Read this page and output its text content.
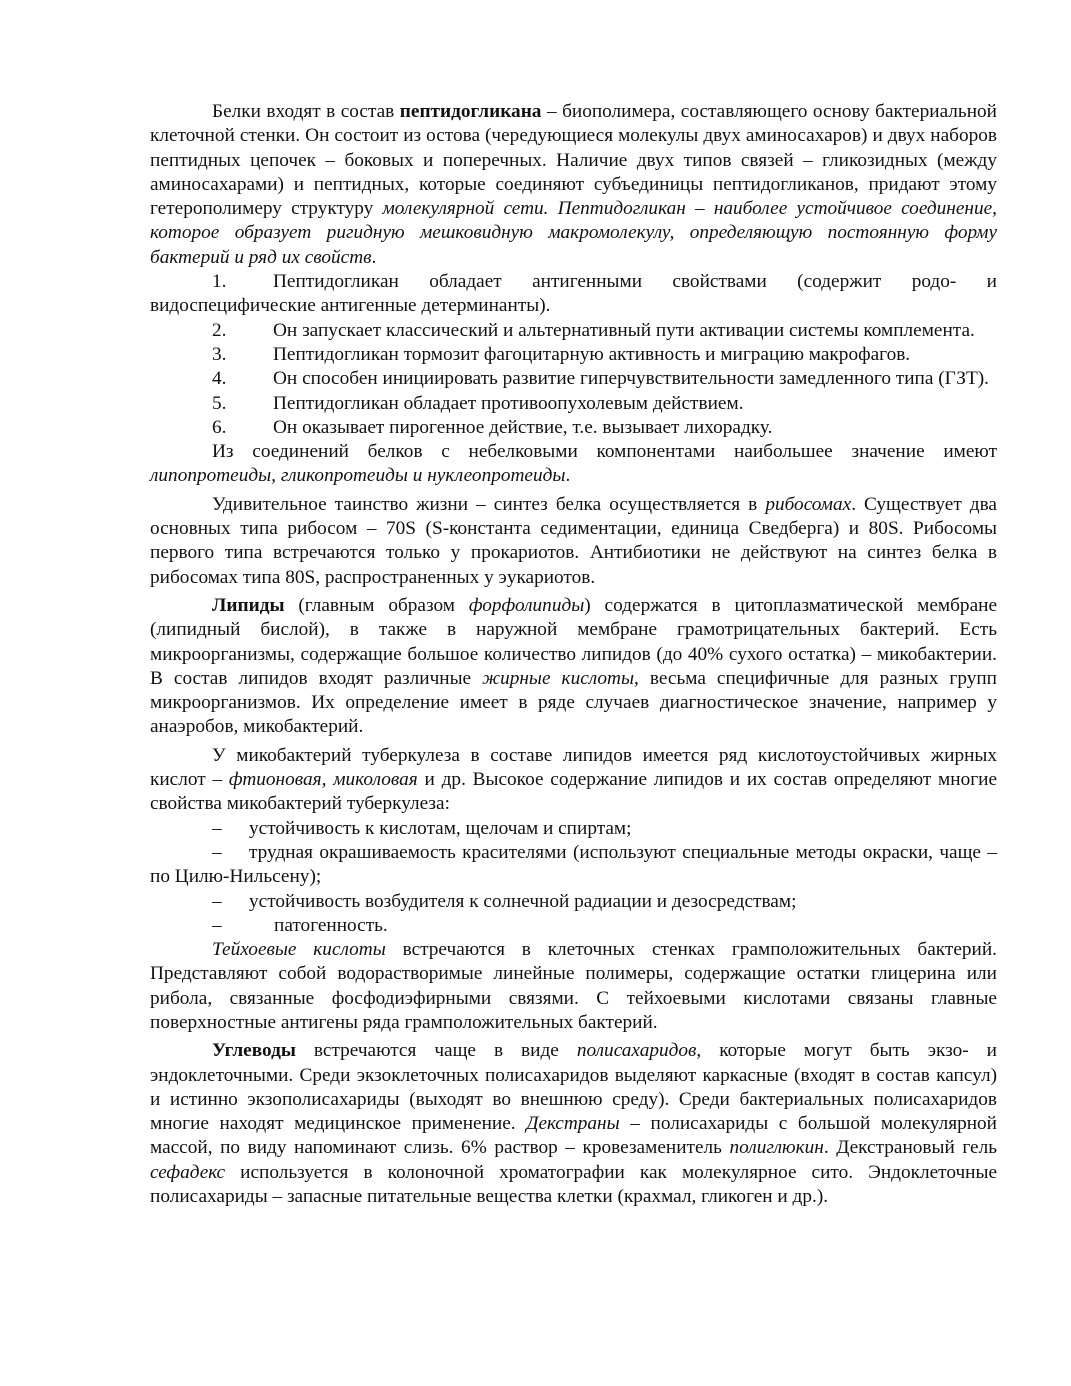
Белки входят в состав пептидогликана – биополимера, составляющего основу бактериальной клеточной стенки. Он состоит из остова (чередующиеся молекулы двух аминосахаров) и двух наборов пептидных цепочек – боковых и поперечных. Наличие двух типов связей – гликозидных (между аминосахарами) и пептидных, которые соединяют субъединицы пептидогликанов, придают этому гетерополимеру структуру молекулярной сети. Пептидогликан – наиболее устойчивое соединение, которое образует ригидную мешковидную макромолекулу, определяющую постоянную форму бактерий и ряд их свойств.

1. Пептидогликан обладает антигенными свойствами (содержит родо- и видоспецифические антигенные детерминанты).
2. Он запускает классический и альтернативный пути активации системы комплемента.
3. Пептидогликан тормозит фагоцитарную активность и миграцию макрофагов.
4. Он способен инициировать развитие гиперчувствительности замедленного типа (ГЗТ).
5. Пептидогликан обладает противоопухолевым действием.
6. Он оказывает пирогенное действие, т.е. вызывает лихорадку.

Из соединений белков с небелковыми компонентами наибольшее значение имеют липопротеиды, гликопротеиды и нуклеопротеиды.

Удивительное таинство жизни – синтез белка осуществляется в рибосомах. Существует два основных типа рибосом – 70S (S-константа седиментации, единица Сведберга) и 80S. Рибосомы первого типа встречаются только у прокариотов. Антибиотики не действуют на синтез белка в рибосомах типа 80S, распространенных у эукариотов.

Липиды (главным образом форфолипиды) содержатся в цитоплазматической мембране (липидный бислой), в также в наружной мембране грамотрицательных бактерий. Есть микроорганизмы, содержащие большое количество липидов (до 40% сухого остатка) – микобактерии. В состав липидов входят различные жирные кислоты, весьма специфичные для разных групп микроорганизмов. Их определение имеет в ряде случаев диагностическое значение, например у анаэробов, микобактерий.

У микобактерий туберкулеза в составе липидов имеется ряд кислотоустойчивых жирных кислот – фтионовая, миколовая и др. Высокое содержание липидов и их состав определяют многие свойства микобактерий туберкулеза:

– устойчивость к кислотам, щелочам и спиртам;
– трудная окрашиваемость красителями (используют специальные методы окраски, чаще – по Цилю-Нильсену);
– устойчивость возбудителя к солнечной радиации и дезосредствам;
–	патогенность.

Тейхоевые кислоты встречаются в клеточных стенках грамположительных бактерий. Представляют собой водорастворимые линейные полимеры, содержащие остатки глицерина или рибола, связанные фосфодиэфирными связями. С тейхоевыми кислотами связаны главные поверхностные антигены ряда грамположительных бактерий.

Углеводы встречаются чаще в виде полисахаридов, которые могут быть экзо- и эндоклеточными. Среди экзоклеточных полисахаридов выделяют каркасные (входят в состав капсул) и истинно экзополисахариды (выходят во внешнюю среду). Среди бактериальных полисахаридов многие находят медицинское применение. Декстраны – полисахариды с большой молекулярной массой, по виду напоминают слизь. 6% раствор – кровезаменитель полиглюкин. Декстрановый гель сефадекс используется в колоночной хроматографии как молекулярное сито. Эндоклеточные полисахариды – запасные питательные вещества клетки (крахмал, гликоген и др.).
